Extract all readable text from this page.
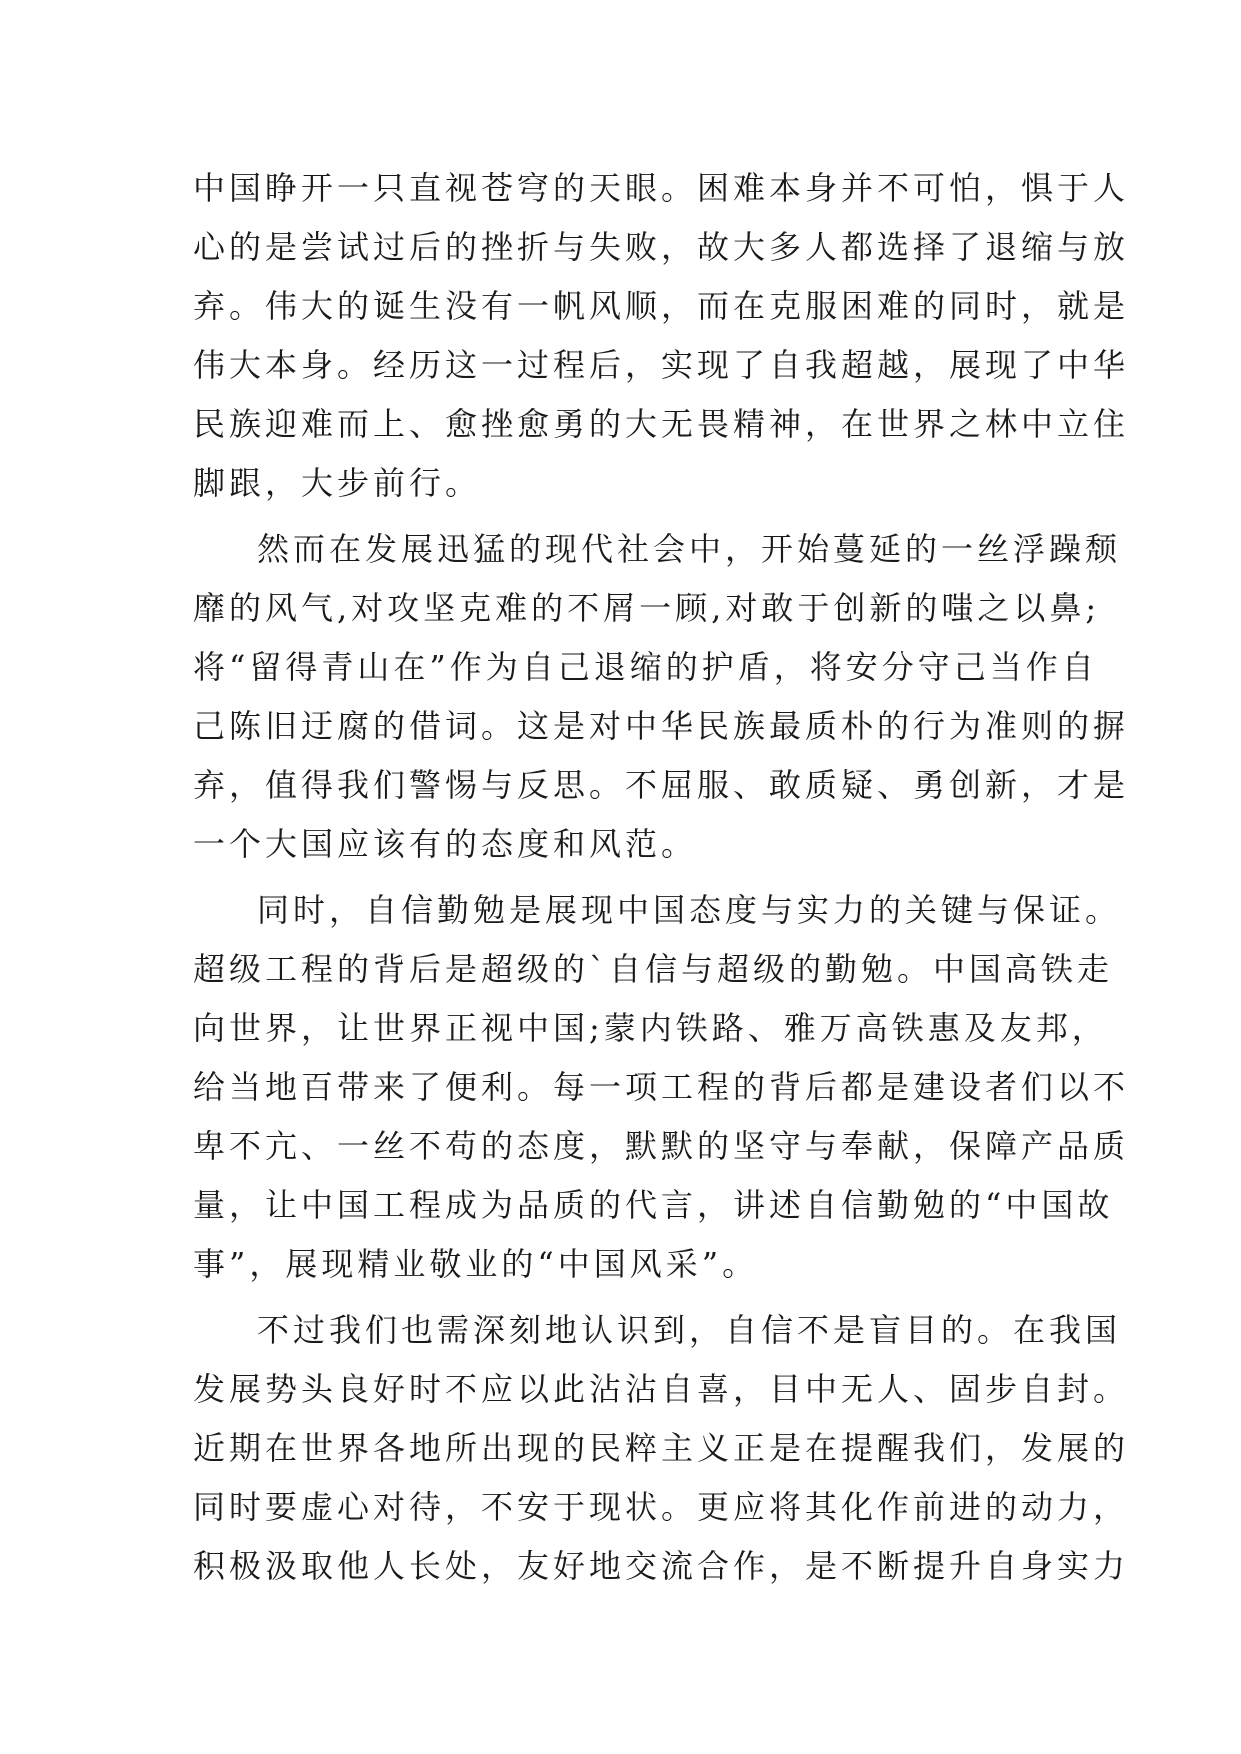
中国睁开一只直视苍穹的天眼。困难本身并不可怕，惧于人
心的是尝试过后的挫折与失败，故大多人都选择了退缩与放
弃。伟大的诞生没有一帆风顺，而在克服困难的同时，就是
伟大本身。经历这一过程后，实现了自我超越，展现了中华
民族迎难而上、愈挫愈勇的大无畏精神，在世界之林中立住
脚跟，大步前行。
然而在发展迅猛的现代社会中，开始蔓延的一丝浮躁颓
靡的风气,对攻坚克难的不屑一顾,对敢于创新的嗤之以鼻;
将“留得青山在”作为自己退缩的护盾，将安分守己当作自
己陈旧迂腐的借词。这是对中华民族最质朴的行为准则的摒
弃，值得我们警惕与反思。不屈服、敢质疑、勇创新，才是
一个大国应该有的态度和风范。
同时，自信勤勉是展现中国态度与实力的关键与保证。
超级工程的背后是超级的`自信与超级的勤勉。中国高铁走
向世界，让世界正视中国;蒙内铁路、雅万高铁惠及友邦，
给当地百带来了便利。每一项工程的背后都是建设者们以不
卑不亢、一丝不苟的态度，默默的坚守与奉献，保障产品质
量，让中国工程成为品质的代言，讲述自信勤勉的“中国故
事”，展现精业敬业的“中国风采”。
不过我们也需深刻地认识到，自信不是盲目的。在我国
发展势头良好时不应以此沾沾自喜，目中无人、固步自封。
近期在世界各地所出现的民粹主义正是在提醒我们，发展的
同时要虚心对待，不安于现状。更应将其化作前进的动力，
积极汲取他人长处，友好地交流合作，是不断提升自身实力
